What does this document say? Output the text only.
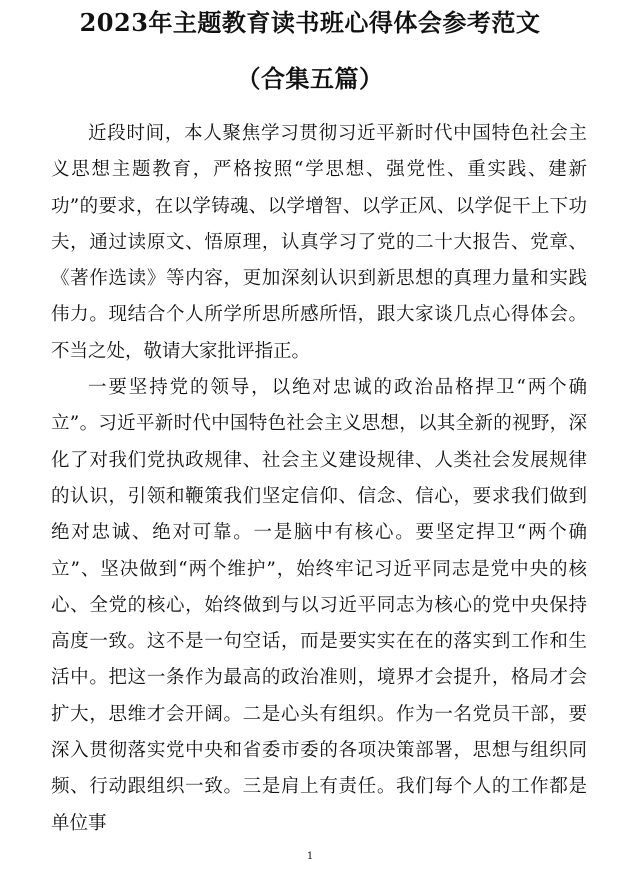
2023年主题教育读书班心得体会参考范文
（合集五篇）

近段时间，本人聚焦学习贯彻习近平新时代中国特色社会主义思想主题教育，严格按照“学思想、强党性、重实践、建新功”的要求，在以学铸魂、以学增智、以学正风、以学促干上下功夫，通过读原文、悟原理，认真学习了党的二十大报告、党章、《著作选读》等内容，更加深刻认识到新思想的真理力量和实践伟力。现结合个人所学所思所感所悟，跟大家谈几点心得体会。不当之处，敬请大家批评指正。

一要坚持党的领导，以绝对忠诚的政治品格捍卫“两个确立”。习近平新时代中国特色社会主义思想，以其全新的视野，深化了对我们党执政规律、社会主义建设规律、人类社会发展规律的认识，引领和鞭策我们坚定信仰、信念、信心，要求我们做到绝对忠诚、绝对可靠。一是脑中有核心。要坚定捍卫“两个确立”、坚决做到“两个维护”，始终牢记习近平同志是党中央的核心、全党的核心，始终做到与以习近平同志为核心的党中央保持高度一致。这不是一句空话，而是要实实在在的落实到工作和生活中。把这一条作为最高的政治准则，境界才会提升，格局才会扩大，思维才会开阔。二是心头有组织。作为一名党员干部，要深入贯彻落实党中央和省委市委的各项决策部署，思想与组织同频、行动跟组织一致。三是肩上有责任。我们每个人的工作都是单位事

1
